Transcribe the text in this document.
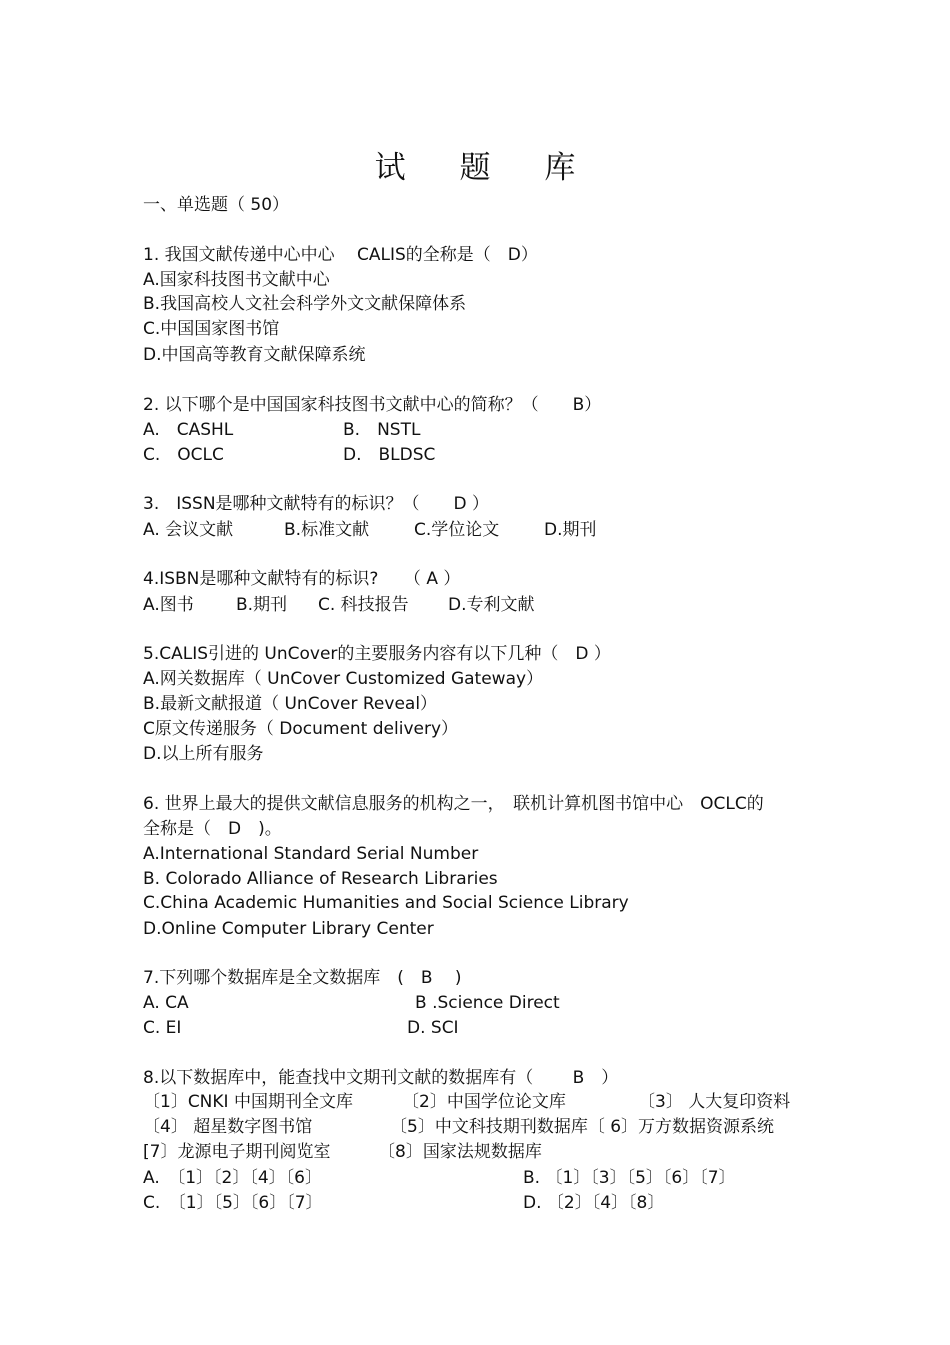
试 题 库
一、单选题（ 50）
1. 我国文献传递中心中心 　CALIS的全称是（　D）
A.国家科技图书文献中心
B.我国高校人文社会科学外文文献保障体系
C.中国国家图书馆
D.中国高等教育文献保障系统
2. 以下哪个是中国国家科技图书文献中心的简称？（　　B）
A.　CASHL	B.　NSTL
C.　OCLC	D.　BLDSC
3.　ISSN是哪种文献特有的标识？（　　D ）
A. 会议文献	B.标准文献	C.学位论文	D.期刊
4.ISBN是哪种文献特有的标识?　　（ A ）
A.图书 B.期刊 C. 科技报告 D.专利文献
5.CALIS引进的 UnCover的主要服务内容有以下几种（　D ）
A.网关数据库（ UnCover Customized Gateway）
B.最新文献报道（ UnCover Reveal）
C原文传递服务（ Document delivery）
D.以上所有服务
6. 世界上最大的提供文献信息服务的机构之一，　联机计算机图书馆中心　OCLC的
全称是（　D　)。
A.International Standard Serial Number
B. Colorado Alliance of Research Libraries
C.China Academic Humanities and Social Science Library
D.Online Computer Library Center
7.下列哪个数据库是全文数据库　(　B　 )
A. CA	B .Science Direct
C. EI	D. SCI
8.以下数据库中，能查找中文期刊文献的数据库有（　　 B　）
〔1〕CNKI 中国期刊全文库	〔2〕中国学位论文库	〔3〕 人大复印资料
〔4〕 超星数字图书馆	〔5〕中文科技期刊数据库〔 6〕万方数据资源系统
[7〕龙源电子期刊阅览室	〔8〕国家法规数据库
A.　〔1〕〔2〕〔4〕〔6〕	B. 〔1〕〔3〕〔5〕〔6〕〔7〕
C.　〔1〕〔5〕〔6〕〔7〕	D. 〔2〕〔4〕〔8〕
